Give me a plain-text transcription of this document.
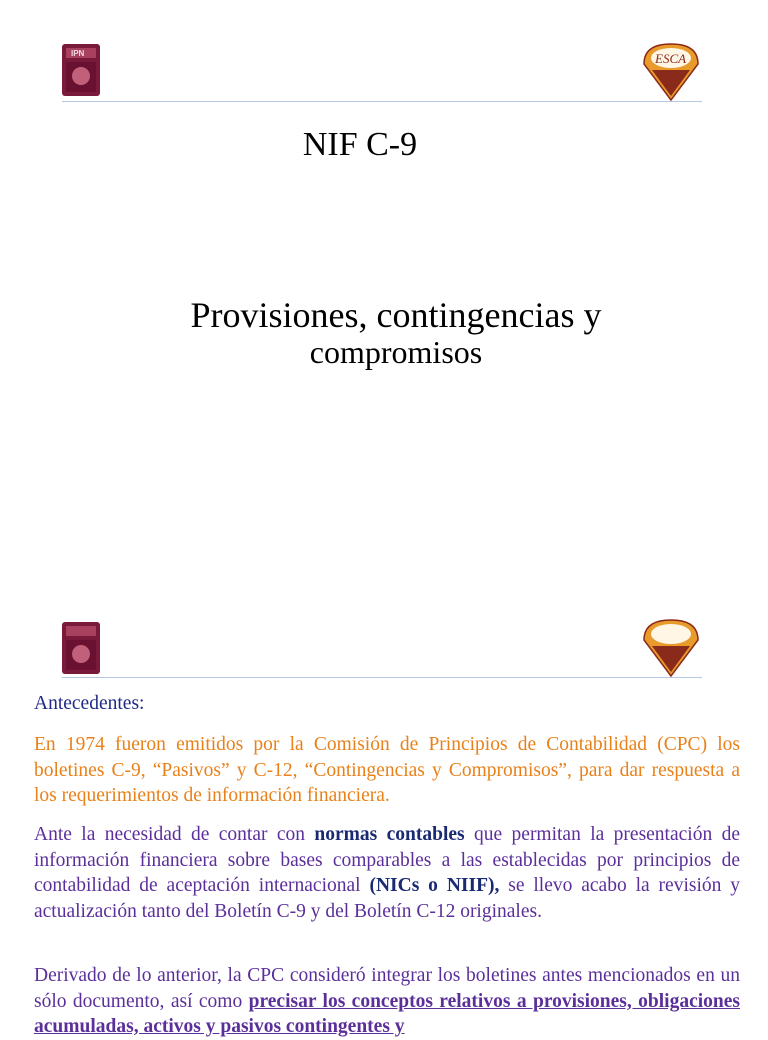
IPN	ESCA
NIF C-9
Provisiones, contingencias y
compromisos

Antecedentes:

En 1974 fueron emitidos por la Comisión de Principios de Contabilidad (CPC) los boletines C-9, “Pasivos” y C-12, “Contingencias y Compromisos”, para dar respuesta a los requerimientos de información financiera.

Ante la necesidad de contar con normas contables que permitan la presentación de información financiera sobre bases comparables a las establecidas por principios de contabilidad de aceptación internacional (NICs o NIIF), se llevo acabo la revisión y actualización tanto del Boletín C-9 y del Boletín C-12 originales.

Derivado de lo anterior, la CPC consideró integrar los boletines antes mencionados en un sólo documento, así como precisar los conceptos relativos a provisiones, obligaciones acumuladas, activos y pasivos contingentes y
